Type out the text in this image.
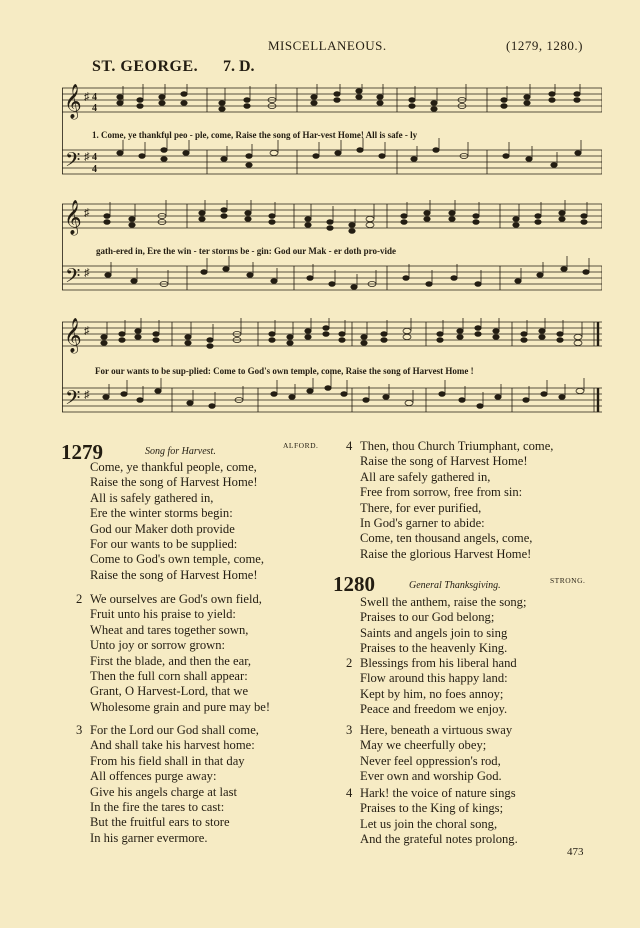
MISCELLANEOUS.	(1279, 1280.)
ST. GEORGE. 7. D.
𝄞
𝄢
♯ 4
4
♯ 4
4
1. Come, ye thankful peo - ple, come, Raise the song of Har-vest Home! All is safe - ly
𝄞
𝄢
♯
♯
gath-ered in, Ere the win - ter storms be - gin: God our Mak - er doth pro-vide
𝄞
𝄢
♯
♯
For our wants to be sup-plied: Come to God's own temple, come, Raise the song of Harvest Home !
1279	Song for Harvest.
ALFORD.
Come, ye thankful people, come,
Raise the song of Harvest Home!
All is safely gathered in,
Ere the winter storms begin:
God our Maker doth provide
For our wants to be supplied:
Come to God's own temple, come,
Raise the song of Harvest Home!
2 We ourselves are God's own field,
Fruit unto his praise to yield:
Wheat and tares together sown,
Unto joy or sorrow grown:
First the blade, and then the ear,
Then the full corn shall appear:
Grant, O Harvest-Lord, that we
Wholesome grain and pure may be!
3 For the Lord our God shall come,
And shall take his harvest home:
From his field shall in that day
All offences purge away:
Give his angels charge at last
In the fire the tares to cast:
But the fruitful ears to store
In his garner evermore.
4 Then, thou Church Triumphant, come,
Raise the song of Harvest Home!
All are safely gathered in,
Free from sorrow, free from sin:
There, for ever purified,
In God's garner to abide:
Come, ten thousand angels, come,
Raise the glorious Harvest Home!
1280	General Thanksgiving.	STRONG.
Swell the anthem, raise the song;
Praises to our God belong;
Saints and angels join to sing
Praises to the heavenly King.
2 Blessings from his liberal hand
Flow around this happy land:
Kept by him, no foes annoy;
Peace and freedom we enjoy.
3 Here, beneath a virtuous sway
May we cheerfully obey;
Never feel oppression's rod,
Ever own and worship God.
4 Hark! the voice of nature sings
Praises to the King of kings;
Let us join the choral song,
And the grateful notes prolong.
473
